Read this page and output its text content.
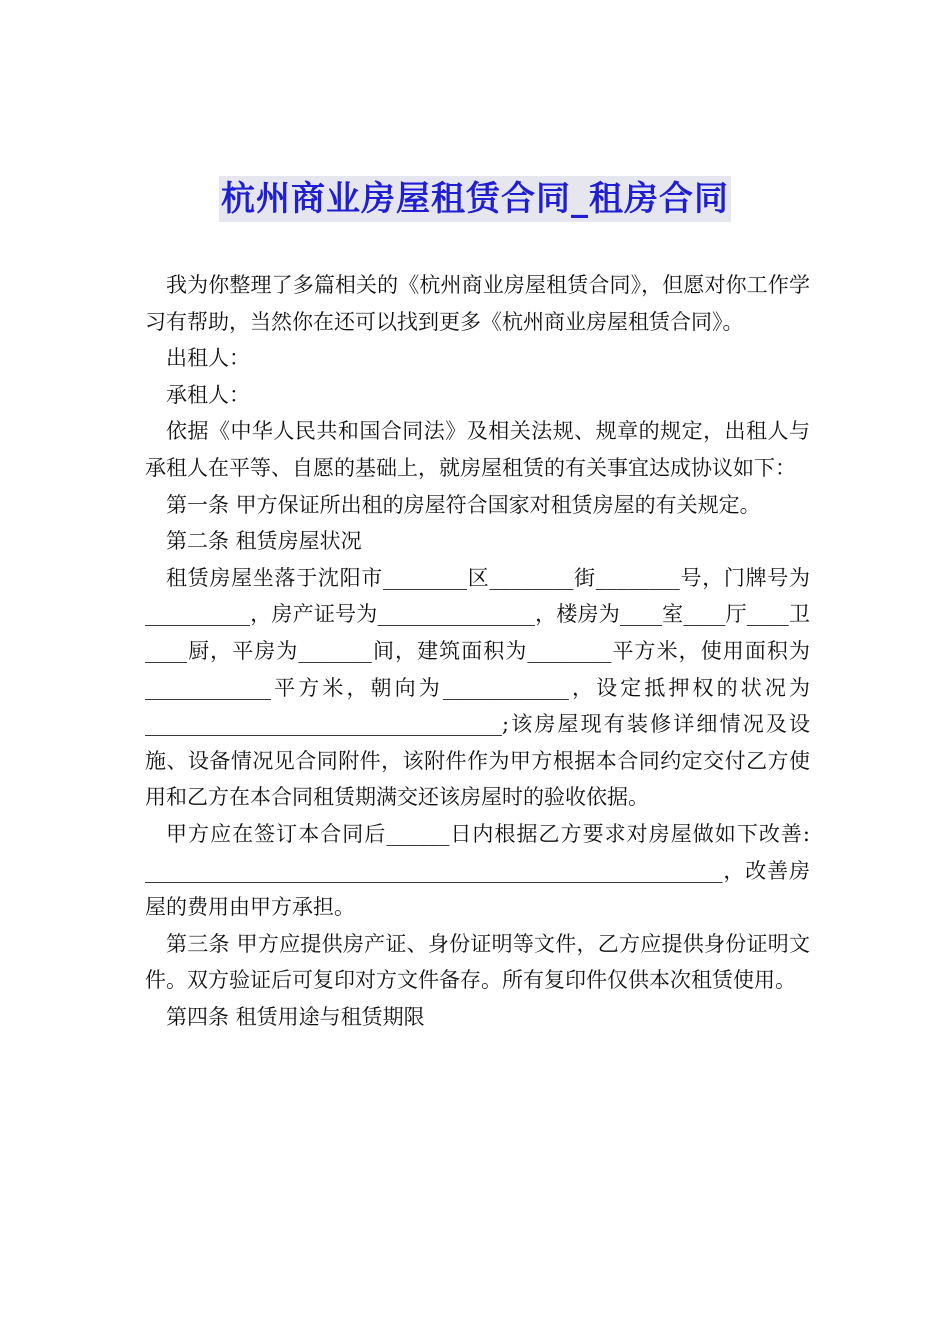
杭州商业房屋租赁合同_租房合同

我为你整理了多篇相关的《杭州商业房屋租赁合同》，但愿对你工作学习有帮助，当然你在还可以找到更多《杭州商业房屋租赁合同》。

出租人：

承租人：

依据《中华人民共和国合同法》及相关法规、规章的规定，出租人与承租人在平等、自愿的基础上，就房屋租赁的有关事宜达成协议如下：

第一条 甲方保证所出租的房屋符合国家对租赁房屋的有关规定。

第二条 租赁房屋状况

租赁房屋坐落于沈阳市________区________街________号，门牌号为__________，房产证号为_______________，楼房为____室____厅____卫____厨，平房为_______间，建筑面积为________平方米，使用面积为____________平方米，朝向为____________，设定抵押权的状况为__________________________________;该房屋现有装修详细情况及设施、设备情况见合同附件，该附件作为甲方根据本合同约定交付乙方使用和乙方在本合同租赁期满交还该房屋时的验收依据。

甲方应在签订本合同后______日内根据乙方要求对房屋做如下改善: _______________________________________________________，改善房屋的费用由甲方承担。

第三条 甲方应提供房产证、身份证明等文件，乙方应提供身份证明文件。双方验证后可复印对方文件备存。所有复印件仅供本次租赁使用。

第四条 租赁用途与租赁期限
